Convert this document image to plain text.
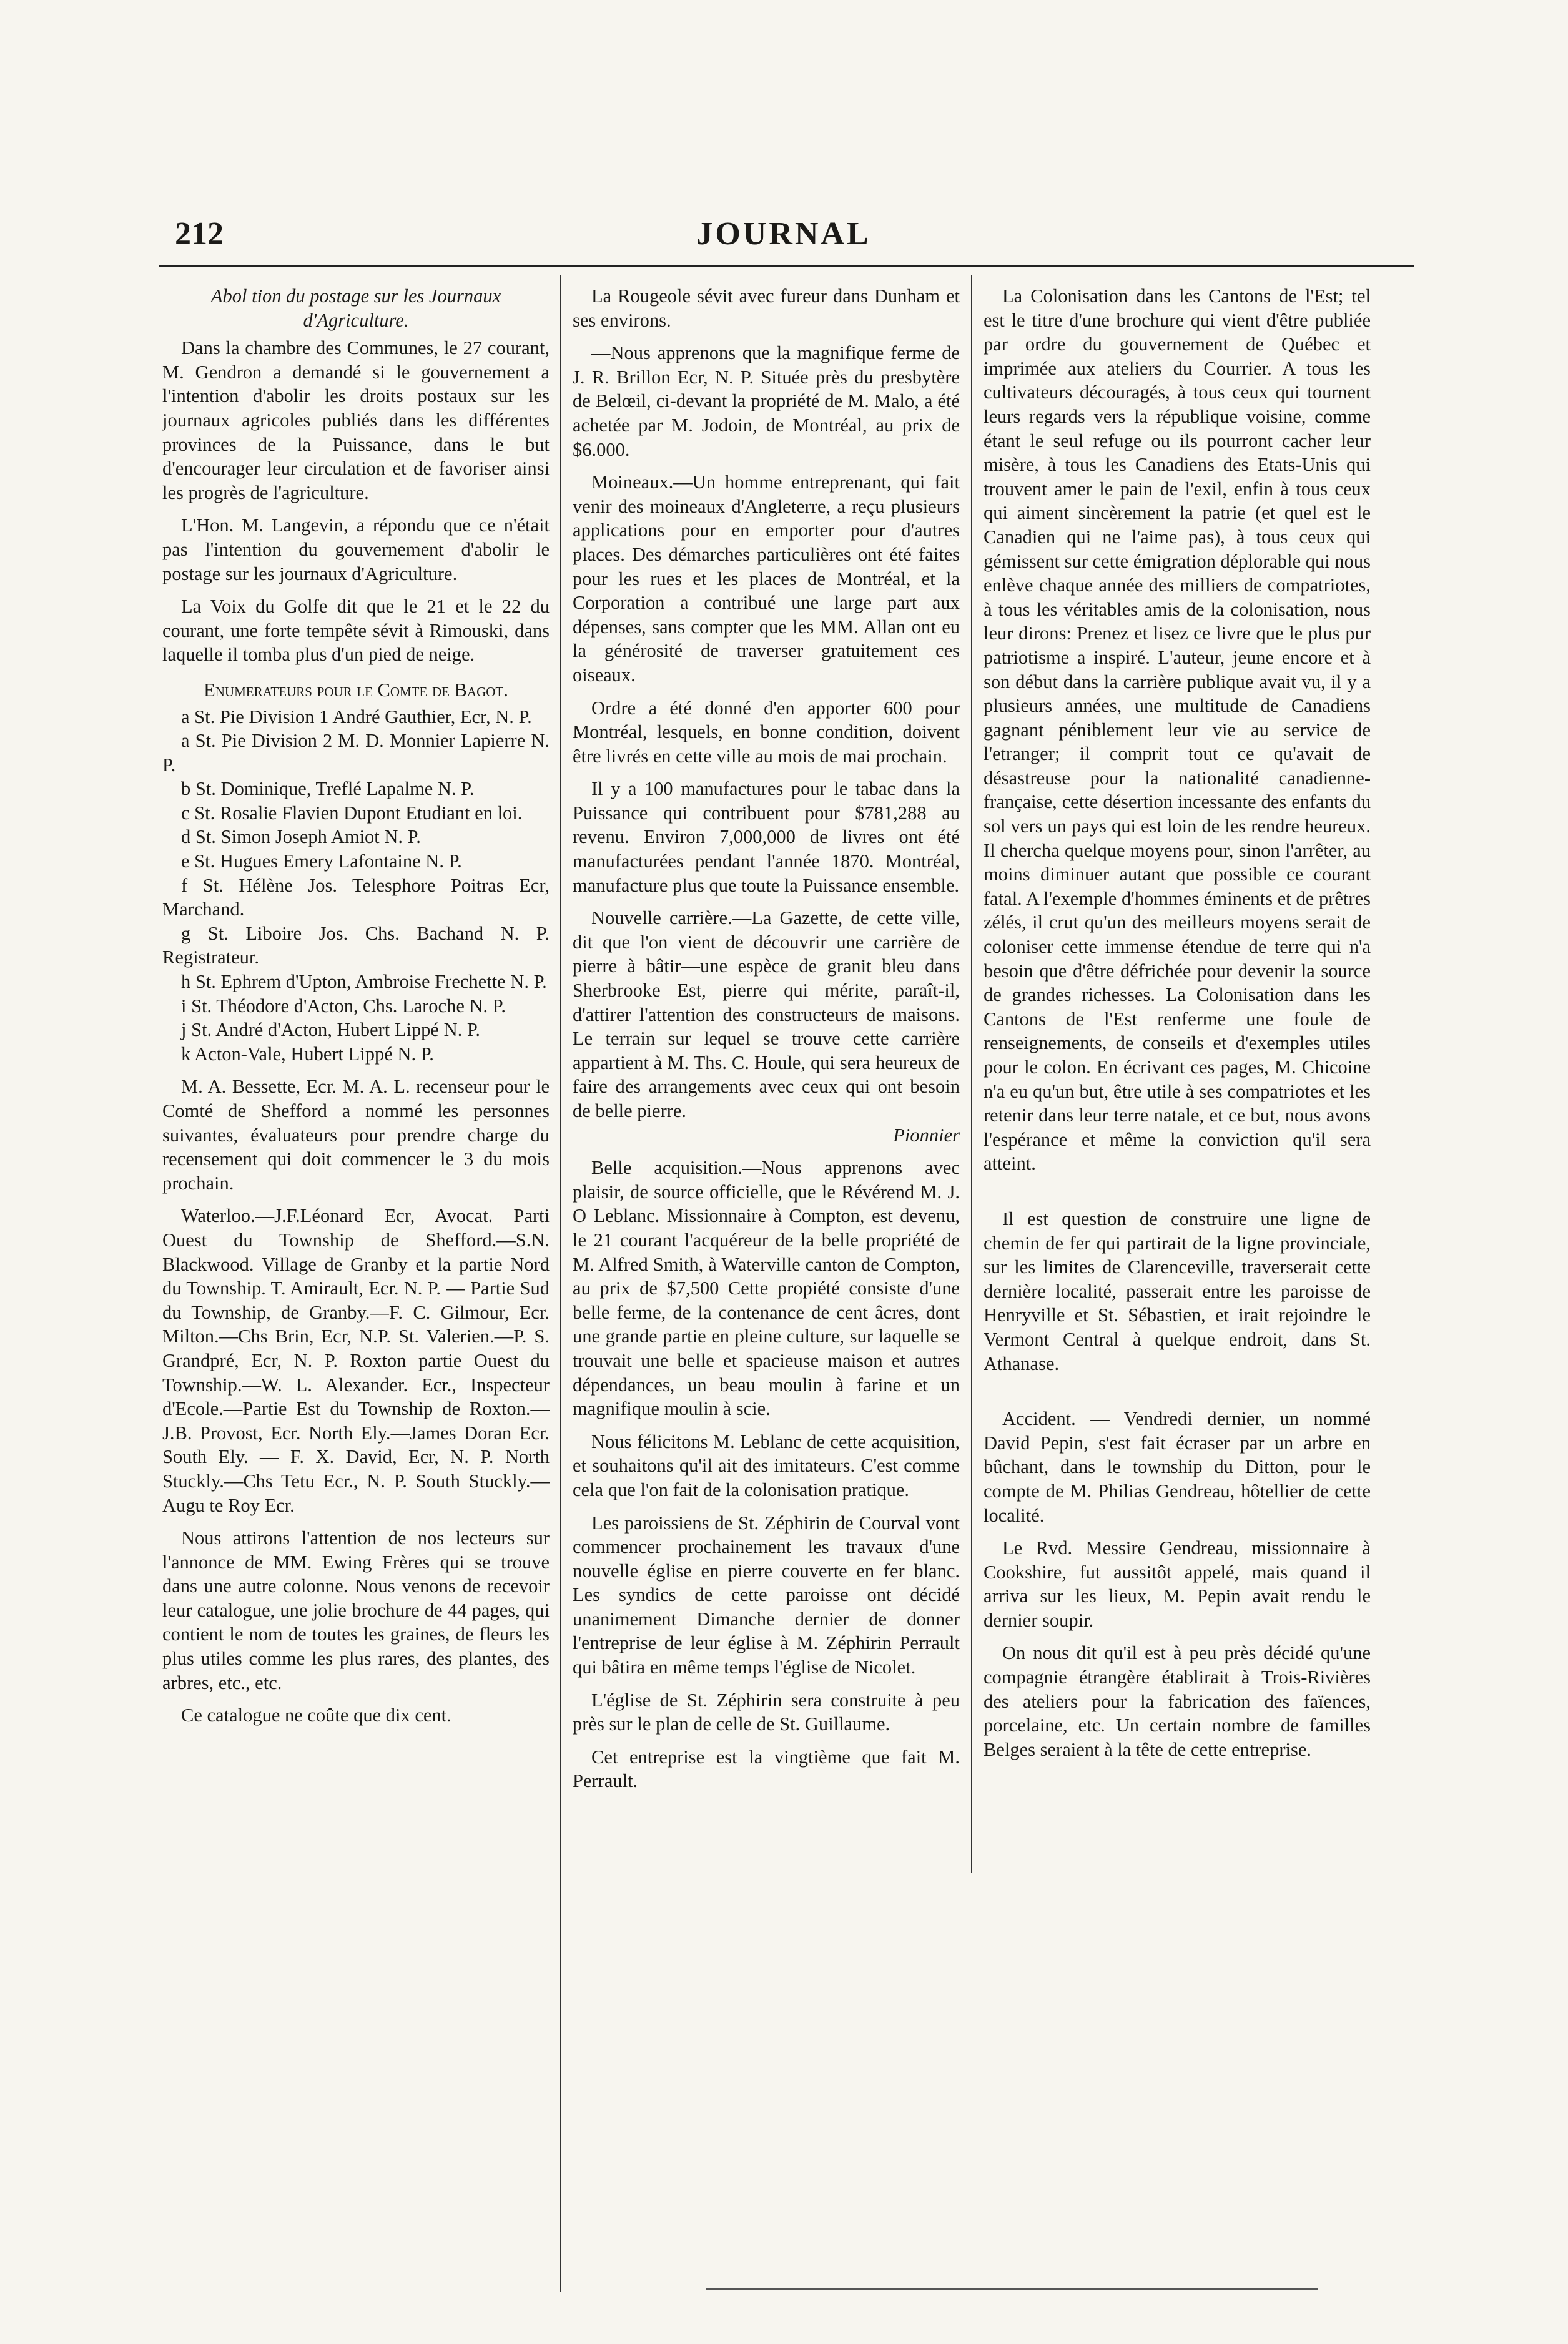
JOURNAL
212

Abol tion du postage sur les Journaux d'Agriculture.

Dans la chambre des Communes, le 27 courant, M. Gendron a demandé si le gouvernement a l'intention d'abolir les droits postaux sur les journaux agricoles publiés dans les différentes provinces de la Puissance, dans le but d'encourager leur circulation et de favoriser ainsi les progrès de l'agriculture.

L'Hon. M. Langevin, a répondu que ce n'était pas l'intention du gouvernement d'abolir le postage sur les journaux d'Agriculture.

La Voix du Golfe dit que le 21 et le 22 du courant, une forte tempête sévit à Rimouski, dans laquelle il tomba plus d'un pied de neige.

Enumerateurs pour le Comte de Bagot.

a St. Pie Division 1 André Gauthier, Ecr, N. P.

a St. Pie Division 2 M. D. Monnier Lapierre N. P.

b St. Dominique, Treflé Lapalme N. P.

c St. Rosalie Flavien Dupont Etudiant en loi.

d St. Simon Joseph Amiot N. P.

e St. Hugues Emery Lafontaine N. P.

f St. Hélène Jos. Telesphore Poitras Ecr, Marchand.

g St. Liboire Jos. Chs. Bachand N. P. Registrateur.

h St. Ephrem d'Upton, Ambroise Frechette N. P.

i St. Théodore d'Acton, Chs. Laroche N. P.

j St. André d'Acton, Hubert Lippé N. P.

k Acton-Vale, Hubert Lippé N. P.

M. A. Bessette, Ecr. M. A. L. recenseur pour le Comté de Shefford a nommé les personnes suivantes, évaluateurs pour prendre charge du recensement qui doit commencer le 3 du mois prochain.

Waterloo.—J.F.Léonard Ecr, Avocat. Parti Ouest du Township de Shefford.—S.N. Blackwood. Village de Granby et la partie Nord du Township. T. Amirault, Ecr. N. P. — Partie Sud du Township, de Granby.—F. C. Gilmour, Ecr. Milton.—Chs Brin, Ecr, N.P. St. Valerien.—P. S. Grandpré, Ecr, N. P. Roxton partie Ouest du Township.—W. L. Alexander. Ecr., Inspecteur d'Ecole.—Partie Est du Township de Roxton.—J.B. Provost, Ecr. North Ely.—James Doran Ecr. South Ely. — F. X. David, Ecr, N. P. North Stuckly.—Chs Tetu Ecr., N. P. South Stuckly.—Augu te Roy Ecr.

Nous attirons l'attention de nos lecteurs sur l'annonce de MM. Ewing Frères qui se trouve dans une autre colonne. Nous venons de recevoir leur catalogue, une jolie brochure de 44 pages, qui contient le nom de toutes les graines, de fleurs les plus utiles comme les plus rares, des plantes, des arbres, etc., etc.

Ce catalogue ne coûte que dix cent.

La Rougeole sévit avec fureur dans Dunham et ses environs.

—Nous apprenons que la magnifique ferme de J. R. Brillon Ecr, N. P. Située près du presbytère de Belœil, ci-devant la propriété de M. Malo, a été achetée par M. Jodoin, de Montréal, au prix de $6.000.

Moineaux.—Un homme entreprenant, qui fait venir des moineaux d'Angleterre, a reçu plusieurs applications pour en emporter pour d'autres places. Des démarches particulières ont été faites pour les rues et les places de Montréal, et la Corporation a contribué une large part aux dépenses, sans compter que les MM. Allan ont eu la générosité de traverser gratuitement ces oiseaux.

Ordre a été donné d'en apporter 600 pour Montréal, lesquels, en bonne condition, doivent être livrés en cette ville au mois de mai prochain.

Il y a 100 manufactures pour le tabac dans la Puissance qui contribuent pour $781,288 au revenu. Environ 7,000,000 de livres ont été manufacturées pendant l'année 1870. Montréal, manufacture plus que toute la Puissance ensemble.

Nouvelle carrière.—La Gazette, de cette ville, dit que l'on vient de découvrir une carrière de pierre à bâtir—une espèce de granit bleu dans Sherbrooke Est, pierre qui mérite, paraît-il, d'attirer l'attention des constructeurs de maisons. Le terrain sur lequel se trouve cette carrière appartient à M. Ths. C. Houle, qui sera heureux de faire des arrangements avec ceux qui ont besoin de belle pierre.

Pionnier

Belle acquisition.—Nous apprenons avec plaisir, de source officielle, que le Révérend M. J. O Leblanc. Missionnaire à Compton, est devenu, le 21 courant l'acquéreur de la belle propriété de M. Alfred Smith, à Waterville canton de Compton, au prix de $7,500 Cette propiété consiste d'une belle ferme, de la contenance de cent âcres, dont une grande partie en pleine culture, sur laquelle se trouvait une belle et spacieuse maison et autres dépendances, un beau moulin à farine et un magnifique moulin à scie.

Nous félicitons M. Leblanc de cette acquisition, et souhaitons qu'il ait des imitateurs. C'est comme cela que l'on fait de la colonisation pratique.

Les paroissiens de St. Zéphirin de Courval vont commencer prochainement les travaux d'une nouvelle église en pierre couverte en fer blanc. Les syndics de cette paroisse ont décidé unanimement Dimanche dernier de donner l'entreprise de leur église à M. Zéphirin Perrault qui bâtira en même temps l'église de Nicolet.

L'église de St. Zéphirin sera construite à peu près sur le plan de celle de St. Guillaume.

Cet entreprise est la vingtième que fait M. Perrault.

La Colonisation dans les Cantons de l'Est; tel est le titre d'une brochure qui vient d'être publiée par ordre du gouvernement de Québec et imprimée aux ateliers du Courrier. A tous les cultivateurs découragés, à tous ceux qui tournent leurs regards vers la république voisine, comme étant le seul refuge ou ils pourront cacher leur misère, à tous les Canadiens des Etats-Unis qui trouvent amer le pain de l'exil, enfin à tous ceux qui aiment sincèrement la patrie (et quel est le Canadien qui ne l'aime pas), à tous ceux qui gémissent sur cette émigration déplorable qui nous enlève chaque année des milliers de compatriotes, à tous les véritables amis de la colonisation, nous leur dirons: Prenez et lisez ce livre que le plus pur patriotisme a inspiré. L'auteur, jeune encore et à son début dans la carrière publique avait vu, il y a plusieurs années, une multitude de Canadiens gagnant péniblement leur vie au service de l'etranger; il comprit tout ce qu'avait de désastreuse pour la nationalité canadienne-française, cette désertion incessante des enfants du sol vers un pays qui est loin de les rendre heureux. Il chercha quelque moyens pour, sinon l'arrêter, au moins diminuer autant que possible ce courant fatal. A l'exemple d'hommes éminents et de prêtres zélés, il crut qu'un des meilleurs moyens serait de coloniser cette immense étendue de terre qui n'a besoin que d'être défrichée pour devenir la source de grandes richesses. La Colonisation dans les Cantons de l'Est renferme une foule de renseignements, de conseils et d'exemples utiles pour le colon. En écrivant ces pages, M. Chicoine n'a eu qu'un but, être utile à ses compatriotes et les retenir dans leur terre natale, et ce but, nous avons l'espérance et même la conviction qu'il sera atteint.

Il est question de construire une ligne de chemin de fer qui partirait de la ligne provinciale, sur les limites de Clarenceville, traverserait cette dernière localité, passerait entre les paroisse de Henryville et St. Sébastien, et irait rejoindre le Vermont Central à quelque endroit, dans St. Athanase.

Accident. — Vendredi dernier, un nommé David Pepin, s'est fait écraser par un arbre en bûchant, dans le township du Ditton, pour le compte de M. Philias Gendreau, hôtellier de cette localité.

Le Rvd. Messire Gendreau, missionnaire à Cookshire, fut aussitôt appelé, mais quand il arriva sur les lieux, M. Pepin avait rendu le dernier soupir.

On nous dit qu'il est à peu près décidé qu'une compagnie étrangère établirait à Trois-Rivières des ateliers pour la fabrication des faïences, porcelaine, etc. Un certain nombre de familles Belges seraient à la tête de cette entreprise.
